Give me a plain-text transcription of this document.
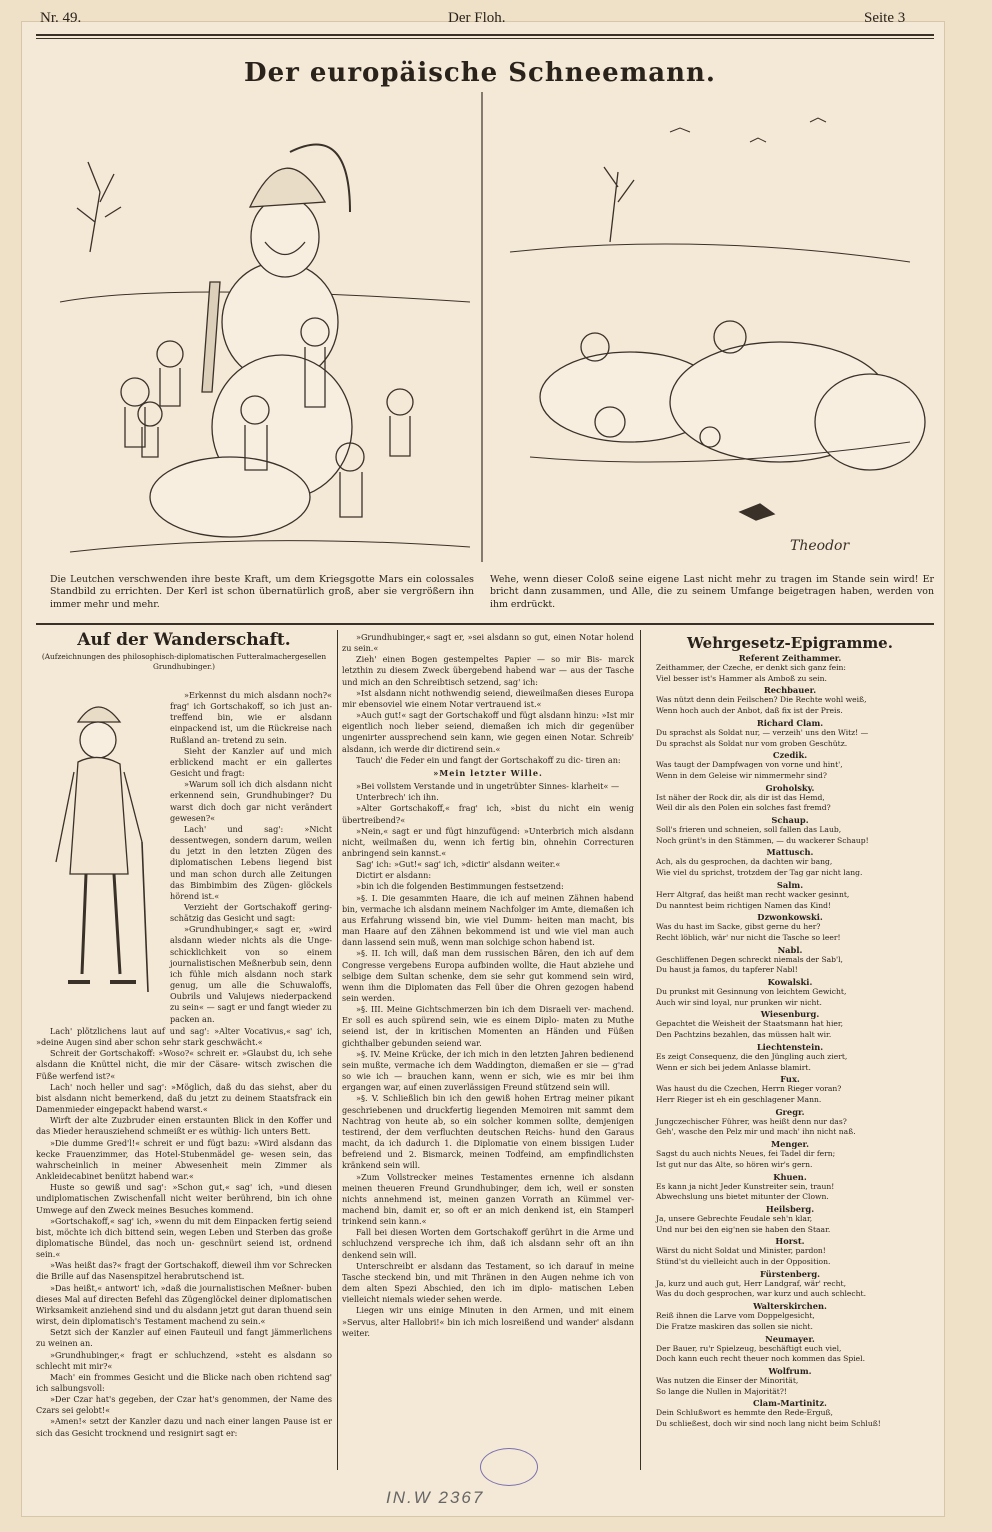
Nr. 49.	Der Floh.	Seite 3
Der europäische Schneemann.
Theodor
Die Leutchen verschwenden ihre beste Kraft, um dem Kriegsgotte Mars ein colossales Standbild zu errichten. Der Kerl ist schon übernatürlich groß, aber sie vergrößern ihn immer mehr und mehr.
Wehe, wenn dieser Coloß seine eigene Last nicht mehr zu tragen im Stande sein wird! Er bricht dann zusammen, und Alle, die zu seinem Umfange beigetragen haben, werden von ihm erdrückt.
Auf der Wanderschaft.
(Aufzeichnungen des philosophisch-diplomatischen Futteralmachergesellen Grundhubinger.)

»Erkennst du mich alsdann noch?« frag' ich Gortschakoff, so ich just an- treffend bin, wie er alsdann einpackend ist, um die Rückreise nach Rußland an- tretend zu sein.

Sieht der Kanzler auf und mich erblickend macht er ein gallertes Gesicht und fragt:

»Warum soll ich dich alsdann nicht erkennend sein, Grundhubinger? Du warst dich doch gar nicht verändert gewesen?«

Lach' und sag': »Nicht dessentwegen, sondern darum, weilen du jetzt in den letzten Zügen des diplomatischen Lebens liegend bist und man schon durch alle Zeitungen das Bimbimbim des Zügen- glöckels hörend ist.«

Verzieht der Gortschakoff gering- schätzig das Gesicht und sagt:

»Grundhubinger,« sagt er, »wird alsdann wieder nichts als die Unge- schicklichkeit von so einem journalistischen Meßnerbub sein, denn ich fühle mich alsdann noch stark genug, um alle die Schuwaloffs, Oubrils und Valujews niederpackend zu sein« — sagt er und fangt wieder zu packen an.

Lach' plötzlichens laut auf und sag': »Alter Vocativus,« sag' ich, »deine Augen sind aber schon sehr stark geschwächt.«

Schreit der Gortschakoff: »Woso?« schreit er. »Glaubst du, ich sehe alsdann die Knüttel nicht, die mir der Cäsare- witsch zwischen die Füße werfend ist?«

Lach' noch heller und sag': »Möglich, daß du das siehst, aber du bist alsdann nicht bemerkend, daß du jetzt zu deinem Staatsfrack ein Damenmieder eingepackt habend warst.«

Wirft der alte Zuzbruder einen erstaunten Blick in den Koffer und das Mieder herausziehend schmeißt er es wüthig- lich unters Bett.

»Die dumme Gred'l!« schreit er und fügt bazu: »Wird alsdann das kecke Frauenzimmer, das Hotel-Stubenmädel ge- wesen sein, das wahrscheinlich in meiner Abwesenheit mein Zimmer als Ankleidecabinet benützt habend war.«

Huste so gewiß und sag': »Schon gut,« sag' ich, »und diesen undiplomatischen Zwischenfall nicht weiter berührend, bin ich ohne Umwege auf den Zweck meines Besuches kommend.

»Gortschakoff,« sag' ich, »wenn du mit dem Einpacken fertig seiend bist, möchte ich dich bittend sein, wegen Leben und Sterben das große diplomatische Bündel, das noch un- geschnürt seiend ist, ordnend sein.«

»Was heißt das?« fragt der Gortschakoff, dieweil ihm vor Schrecken die Brille auf das Nasenspitzel herabrutschend ist.

»Das heißt,« antwort' ich, »daß die journalistischen Meßner- buben dieses Mal auf directen Befehl das Zügenglöckel deiner diplomatischen Wirksamkeit anziehend sind und du alsdann jetzt gut daran thuend sein wirst, dein diplomatisch's Testament machend zu sein.«

Setzt sich der Kanzler auf einen Fauteuil und fangt jämmerlichens zu weinen an.

»Grundhubinger,« fragt er schluchzend, »steht es alsdann so schlecht mit mir?«

Mach' ein frommes Gesicht und die Blicke nach oben richtend sag' ich salbungsvoll:

»Der Czar hat's gegeben, der Czar hat's genommen, der Name des Czars sei gelobt!«

»Amen!« setzt der Kanzler dazu und nach einer langen Pause ist er sich das Gesicht trocknend und resignirt sagt er:

»Grundhubinger,« sagt er, »sei alsdann so gut, einen Notar holend zu sein.«

Zieh' einen Bogen gestempeltes Papier — so mir Bis- marck letzthin zu diesem Zweck übergebend habend war — aus der Tasche und mich an den Schreibtisch setzend, sag' ich:

»Ist alsdann nicht nothwendig seiend, dieweilmaßen dieses Europa mir ebensoviel wie einem Notar vertrauend ist.«

»Auch gut!« sagt der Gortschakoff und fügt alsdann hinzu: »Ist mir eigentlich noch lieber seiend, diemaßen ich mich dir gegenüber ungenirter aussprechend sein kann, wie gegen einen Notar. Schreib' alsdann, ich werde dir dictirend sein.«

Tauch' die Feder ein und fangt der Gortschakoff zu dic- tiren an:

»Mein letzter Wille.

»Bei vollstem Verstande und in ungetrübter Sinnes- klarheit« —

Unterbrech' ich ihn.

»Alter Gortschakoff,« frag' ich, »bist du nicht ein wenig übertreibend?«

»Nein,« sagt er und fügt hinzufügend: »Unterbrich mich alsdann nicht, weilmaßen du, wenn ich fertig bin, ohnehin Correcturen anbringend sein kannst.«

Sag' ich: »Gut!« sag' ich, »dictir' alsdann weiter.«

Dictirt er alsdann:

»bin ich die folgenden Bestimmungen festsetzend:

»§. I. Die gesammten Haare, die ich auf meinen Zähnen habend bin, vermache ich alsdann meinem Nachfolger im Amte, diemaßen ich aus Erfahrung wissend bin, wie viel Dumm- heiten man macht, bis man Haare auf den Zähnen bekommend ist und wie viel man auch dann lassend sein muß, wenn man solchige schon habend ist.

»§. II. Ich will, daß man dem russischen Bären, den ich auf dem Congresse vergebens Europa aufbinden wollte, die Haut abziehe und selbige dem Sultan schenke, dem sie sehr gut kommend sein wird, wenn ihm die Diplomaten das Fell über die Ohren gezogen habend sein werden.

»§. III. Meine Gichtschmerzen bin ich dem Disraeli ver- machend. Er soll es auch spürend sein, wie es einem Diplo- maten zu Muthe seiend ist, der in kritischen Momenten an Händen und Füßen gichthalber gebunden seiend war.

»§. IV. Meine Krücke, der ich mich in den letzten Jahren bedienend sein mußte, vermache ich dem Waddington, diemaßen er sie — g'rad so wie ich — brauchen kann, wenn er sich, wie es mir bei ihm ergangen war, auf einen zuverlässigen Freund stützend sein will.

»§. V. Schließlich bin ich den gewiß hohen Ertrag meiner pikant geschriebenen und druckfertig liegenden Memoiren mit sammt dem Nachtrag von heute ab, so ein solcher kommen sollte, demjenigen testirend, der dem verfluchten deutschen Reichs- hund den Garaus macht, da ich dadurch 1. die Diplomatie von einem bissigen Luder befreiend und 2. Bismarck, meinen Todfeind, am empfindlichsten kränkend sein will.

»Zum Vollstrecker meines Testamentes ernenne ich alsdann meinen theueren Freund Grundhubinger, dem ich, weil er sonsten nichts annehmend ist, meinen ganzen Vorrath an Kümmel ver- machend bin, damit er, so oft er an mich denkend ist, ein Stamperl trinkend sein kann.«

Fall bei diesen Worten dem Gortschakoff gerührt in die Arme und schluchzend verspreche ich ihm, daß ich alsdann sehr oft an ihn denkend sein will.

Unterschreibt er alsdann das Testament, so ich darauf in meine Tasche steckend bin, und mit Thränen in den Augen nehme ich von dem alten Spezi Abschied, den ich im diplo- matischen Leben vielleicht niemals wieder sehen werde.

Liegen wir uns einige Minuten in den Armen, und mit einem »Servus, alter Hallobri!« bin ich mich losreißend und wander' alsdann weiter.

Wehrgesetz-Epigramme.
Referent Zeithammer.
Zeithammer, der Czeche, er denkt sich ganz fein:
Viel besser ist's Hammer als Amboß zu sein.
Rechbauer.
Was nützt denn dein Feilschen? Die Rechte wohl weiß,
Wenn hoch auch der Anbot, daß fix ist der Preis.
Richard Clam.
Du sprachst als Soldat nur, — verzeih' uns den Witz! —
Du sprachst als Soldat nur vom groben Geschütz.
Czedik.
Was taugt der Dampfwagen von vorne und hint',
Wenn in dem Geleise wir nimmermehr sind?
Groholsky.
Ist näher der Rock dir, als dir ist das Hemd,
Weil dir als den Polen ein solches fast fremd?
Schaup.
Soll's frieren und schneien, soll fallen das Laub,
Noch grünt's in den Stämmen, — du wackerer Schaup!
Mattusch.
Ach, als du gesprochen, da dachten wir bang,
Wie viel du sprichst, trotzdem der Tag gar nicht lang.
Salm.
Herr Altgraf, das heißt man recht wacker gesinnt,
Du nanntest beim richtigen Namen das Kind!
Dzwonkowski.
Was du hast im Sacke, gibst gerne du her?
Recht löblich, wär' nur nicht die Tasche so leer!
Nabl.
Geschliffenen Degen schreckt niemals der Sab'l,
Du haust ja famos, du tapferer Nabl!
Kowalski.
Du prunkst mit Gesinnung von leichtem Gewicht,
Auch wir sind loyal, nur prunken wir nicht.
Wiesenburg.
Gepachtet die Weisheit der Staatsmann hat hier,
Den Pachtzins bezahlen, das müssen halt wir.
Liechtenstein.
Es zeigt Consequenz, die den Jüngling auch ziert,
Wenn er sich bei jedem Anlasse blamirt.
Fux.
Was haust du die Czechen, Herrn Rieger voran?
Herr Rieger ist eh ein geschlagener Mann.
Gregr.
Jungczechischer Führer, was heißt denn nur das?
Geh', wasche den Pelz mir und mach' ihn nicht naß.
Menger.
Sagst du auch nichts Neues, fei Tadel dir fern;
Ist gut nur das Alte, so hören wir's gern.
Khuen.
Es kann ja nicht Jeder Kunstreiter sein, traun!
Abwechslung uns bietet mitunter der Clown.
Heilsberg.
Ja, unsere Gebrechte Feudale seh'n klar,
Und nur bei den eig'nen sie haben den Staar.
Horst.
Wärst du nicht Soldat und Minister, pardon!
Stünd'st du vielleicht auch in der Opposition.
Fürstenberg.
Ja, kurz und auch gut, Herr Landgraf, wär' recht,
Was du doch gesprochen, war kurz und auch schlecht.
Walterskirchen.
Reiß ihnen die Larve vom Doppelgesicht,
Die Fratze maskiren das sollen sie nicht.
Neumayer.
Der Bauer, ru'r Spielzeug, beschäftigt euch viel,
Doch kann euch recht theuer noch kommen das Spiel.
Wolfrum.
Was nutzen die Einser der Minorität,
So lange die Nullen in Majorität?!
Clam-Martinitz.
Dein Schlußwort es hemmte den Rede-Erguß,
Du schließest, doch wir sind noch lang nicht beim Schluß!
IN.W 2367
